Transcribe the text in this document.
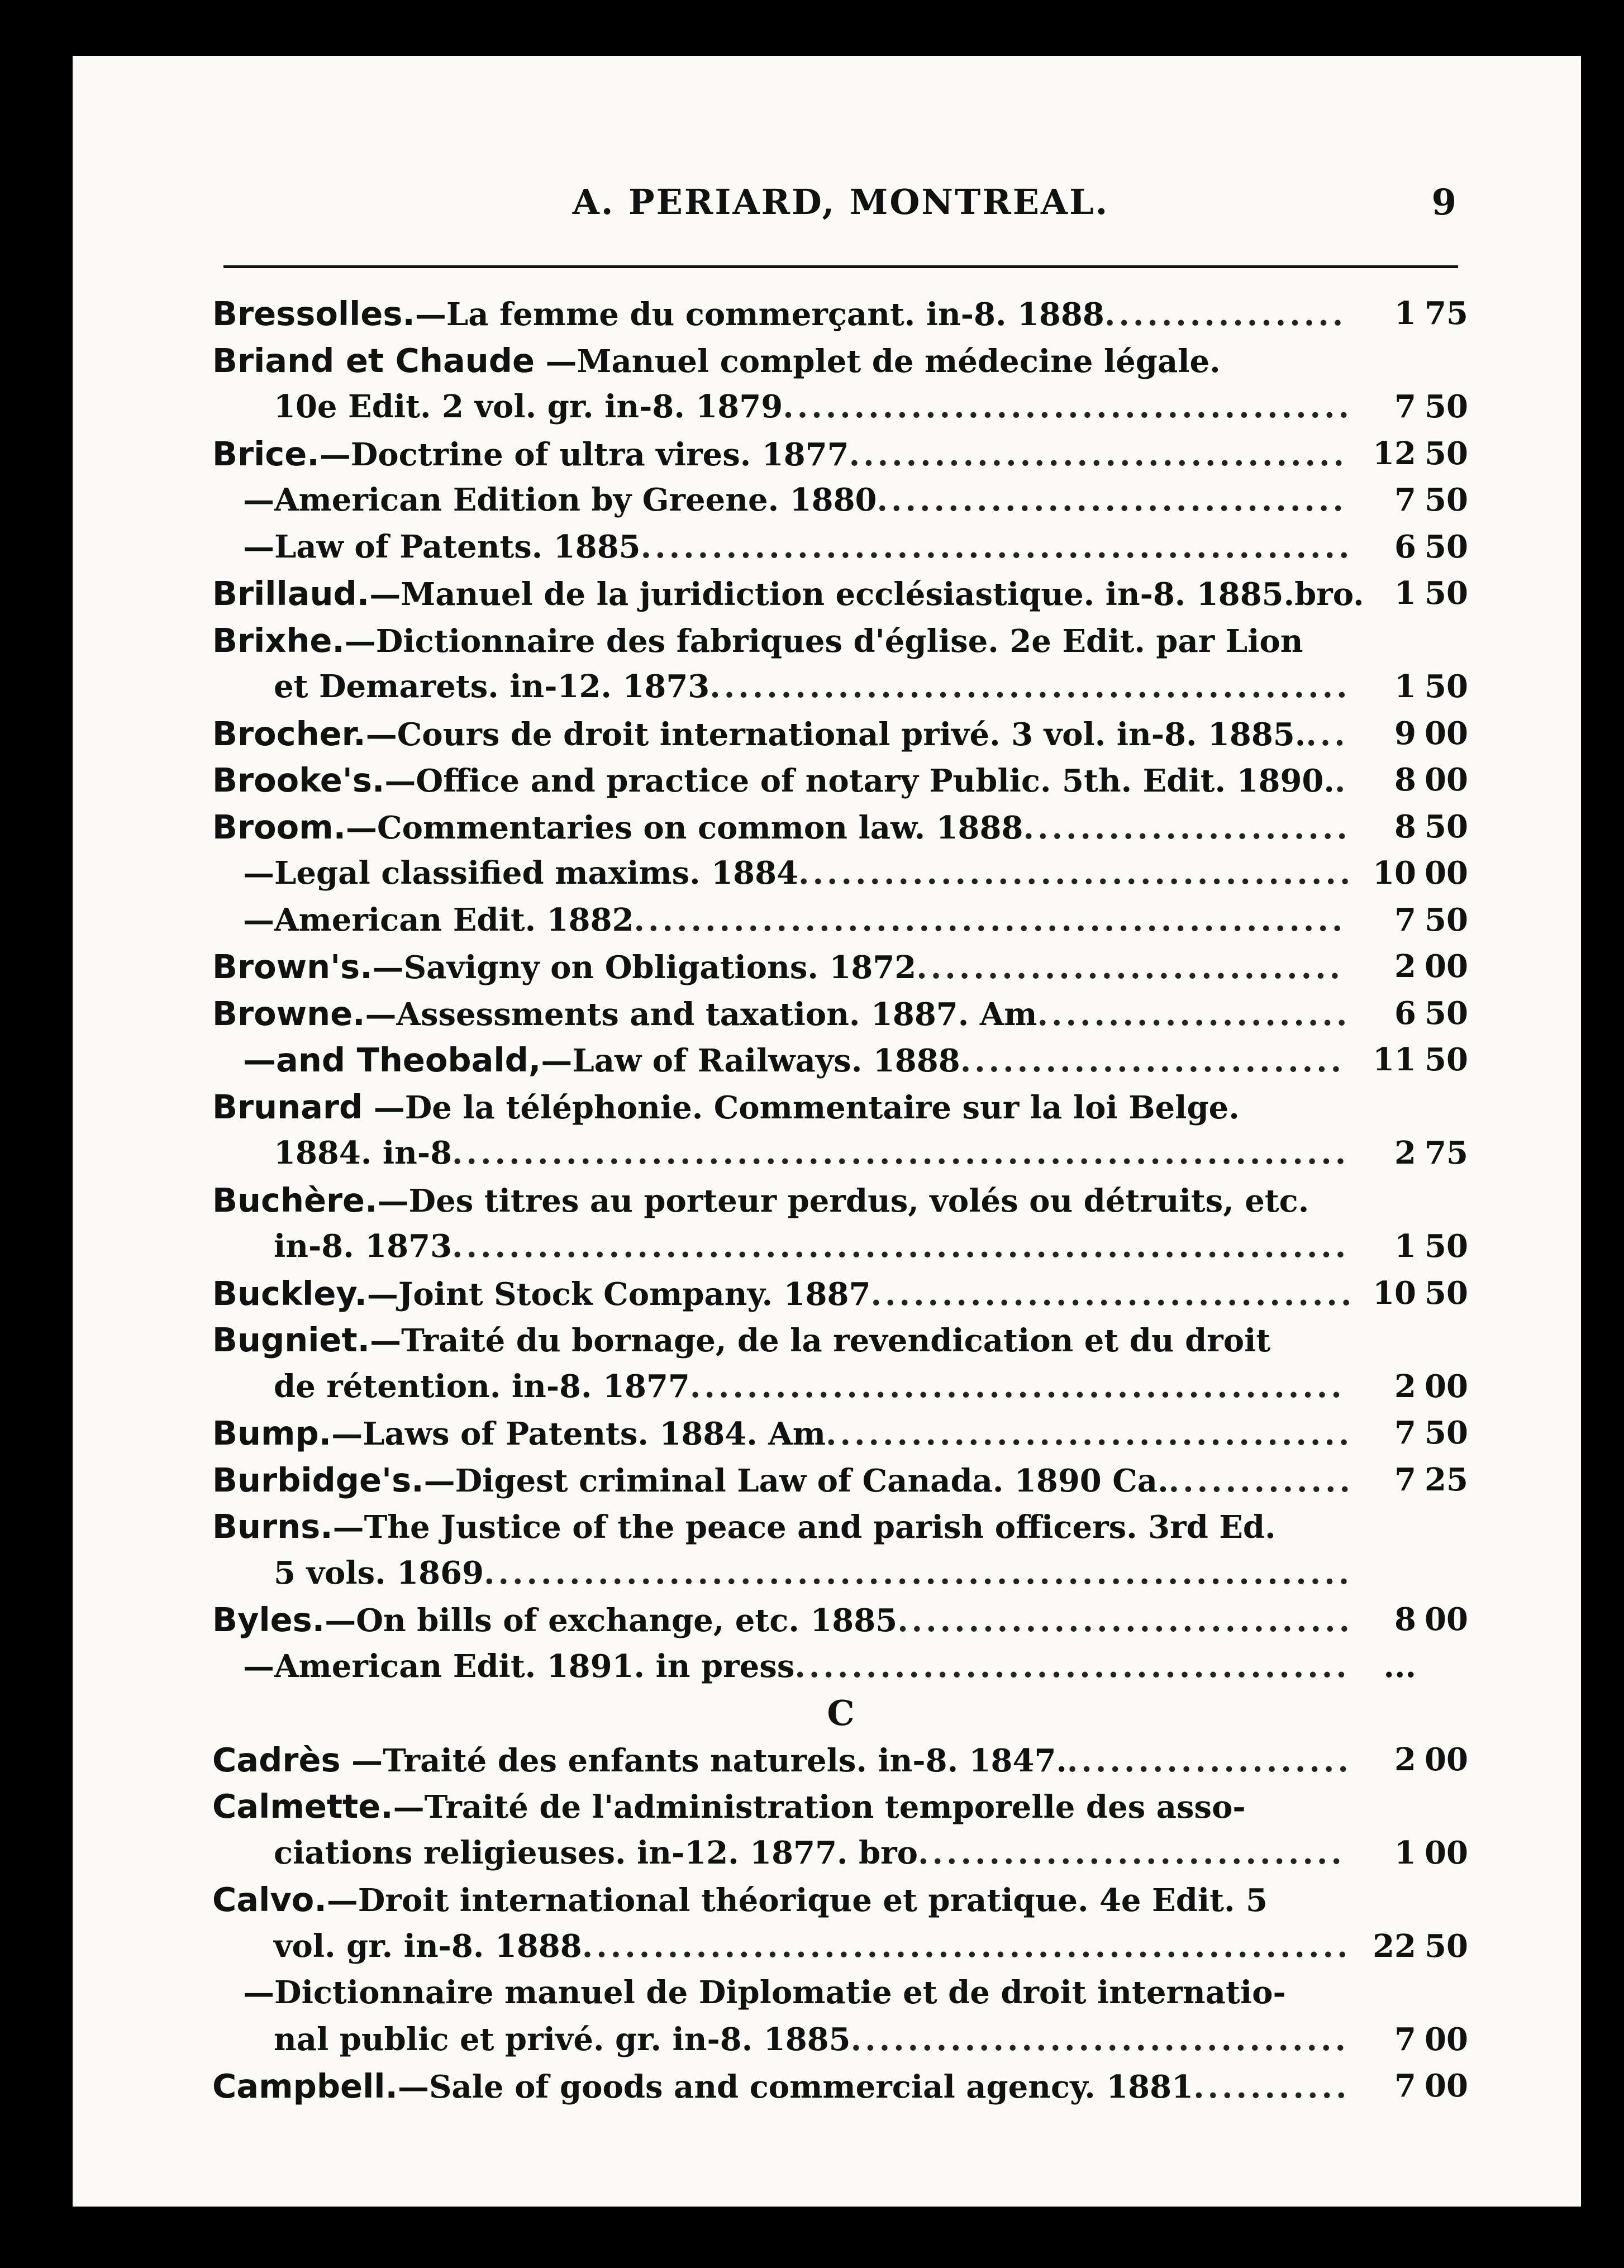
A. PERIARD, MONTREAL.	9
Bressolles.—La femme du commerçant. in-8. 1888.................	1 75
Briand et Chaude —Manuel complet de médecine légale.
10e Edit. 2 vol. gr. in-8. 1879........................................	7 50
Brice.—Doctrine of ultra vires. 1877................................... 12 50
—American Edition by Greene. 1880.................................	7 50
—Law of Patents. 1885..................................................	6 50
Brillaud.—Manuel de la juridiction ecclésiastique. in-8. 1885.bro. 1 50
Brixhe.—Dictionnaire des fabriques d'église. 2e Edit. par Lion
et Demarets. in-12. 1873.............................................	1 50
Brocher.—Cours de droit international privé. 3 vol. in-8. 1885....	9 00
Brooke's.—Office and practice of notary Public. 5th. Edit. 1890..	8 00
Broom.—Commentaries on common law. 1888.......................	8 50
—Legal classified maxims. 1884....................................... 10 00
—American Edit. 1882..................................................	7 50
Brown's.—Savigny on Obligations. 1872..............................	2 00
Browne.—Assessments and taxation. 1887. Am......................	6 50
—and Theobald,—Law of Railways. 1888........................... 11 50
Brunard —De la téléphonie. Commentaire sur la loi Belge.
1884. in-8...............................................................	2 75
Buchère.—Des titres au porteur perdus, volés ou détruits, etc.
in-8. 1873...............................................................	1 50
Buckley.—Joint Stock Company. 1887.................................. 10 50
Bugniet.—Traité du bornage, de la revendication et du droit
de rétention. in-8. 1877..............................................	2 00
Bump.—Laws of Patents. 1884. Am.....................................	7 50
Burbidge's.—Digest criminal Law of Canada. 1890 Ca..............	7 25
Burns.—The Justice of the peace and parish officers. 3rd Ed.
5 vols. 1869.............................................................
Byles.—On bills of exchange, etc. 1885................................	8 00
—American Edit. 1891. in press.......................................	...
C
Cadrès —Traité des enfants naturels. in-8. 1847.....................	2 00
Calmette.—Traité de l'administration temporelle des asso-
ciations religieuses. in-12. 1877. bro..............................	1 00
Calvo.—Droit international théorique et pratique. 4e Edit. 5
vol. gr. in-8. 1888...................................................... 22 50
—Dictionnaire manuel de Diplomatie et de droit internatio-
nal public et privé. gr. in-8. 1885...................................	7 00
Campbell.—Sale of goods and commercial agency. 1881...........	7 00
